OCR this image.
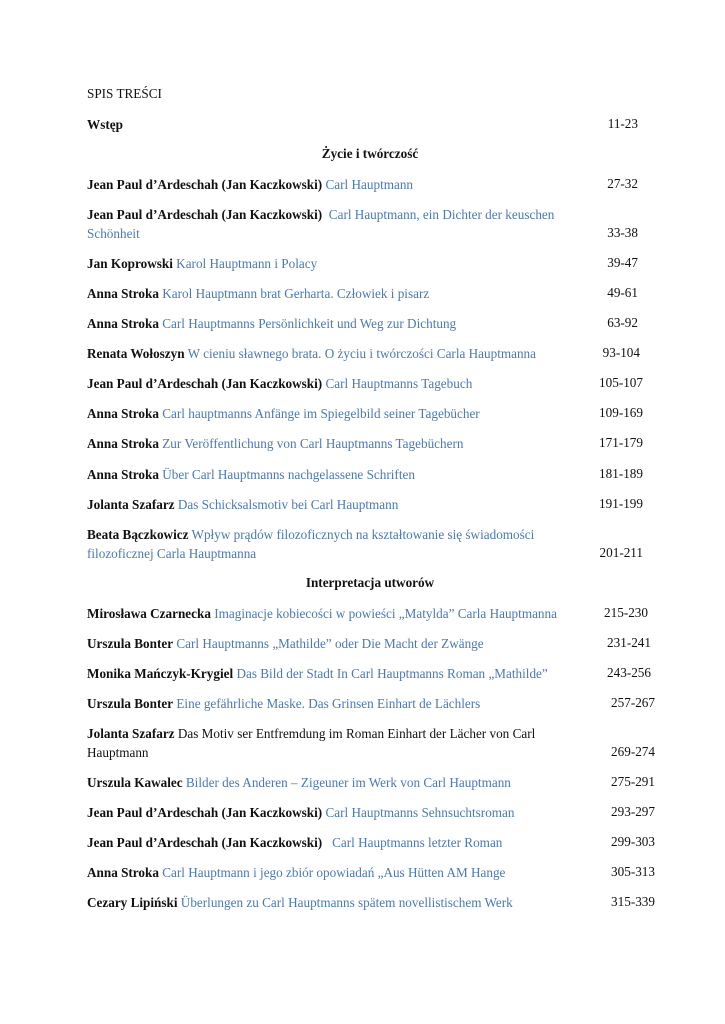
SPIS TREŚCI
Wstęp	11-23
Życie i twórczość
Jean Paul d’Ardeschah (Jan Kaczkowski) Carl Hauptmann	27-32
Jean Paul d’Ardeschah (Jan Kaczkowski) Carl Hauptmann, ein Dichter der keuschen Schönheit	33-38
Jan Koprowski Karol Hauptmann i Polacy	39-47
Anna Stroka Karol Hauptmann brat Gerharta. Człowiek i pisarz	49-61
Anna Stroka Carl Hauptmanns Persönlichkeit und Weg zur Dichtung	63-92
Renata Wołoszyn W cieniu sławnego brata. O życiu i twórczości Carla Hauptmanna	93-104
Jean Paul d’Ardeschah (Jan Kaczkowski) Carl Hauptmanns Tagebuch	105-107
Anna Stroka Carl hauptmanns Anfänge im Spiegelbild seiner Tagebücher	109-169
Anna Stroka Zur Veröffentlichung von Carl Hauptmanns Tagebüchern	171-179
Anna Stroka Über Carl Hauptmanns nachgelassene Schriften	181-189
Jolanta Szafarz Das Schicksalsmotiv bei Carl Hauptmann	191-199
Beata Bączkowicz Wpływ prądów filozoficznych na kształtowanie się świadomości filozoficznej Carla Hauptmanna	201-211
Interpretacja utworów
Mirosława Czarnecka Imaginacje kobiecości w powieści „Matylda” Carla Hauptmanna	215-230
Urszula Bonter Carl Hauptmanns „Mathilde” oder Die Macht der Zwänge	231-241
Monika Mańczyk-Krygiel Das Bild der Stadt In Carl Hauptmanns Roman „Mathilde”	243-256
Urszula Bonter Eine gefährliche Maske. Das Grinsen Einhart de Lächlers	257-267
Jolanta Szafarz Das Motiv ser Entfremdung im Roman Einhart der Lächer von Carl Hauptmann	269-274
Urszula Kawalec Bilder des Anderen – Zigeuner im Werk von Carl Hauptmann	275-291
Jean Paul d’Ardeschah (Jan Kaczkowski) Carl Hauptmanns Sehnsuchtsroman	293-297
Jean Paul d’Ardeschah (Jan Kaczkowski) Carl Hauptmanns letzter Roman	299-303
Anna Stroka Carl Hauptmann i jego zbiór opowiadań „Aus Hütten AM Hange	305-313
Cezary Lipiński Überlungen zu Carl Hauptmanns spätem novellistischem Werk	315-339
